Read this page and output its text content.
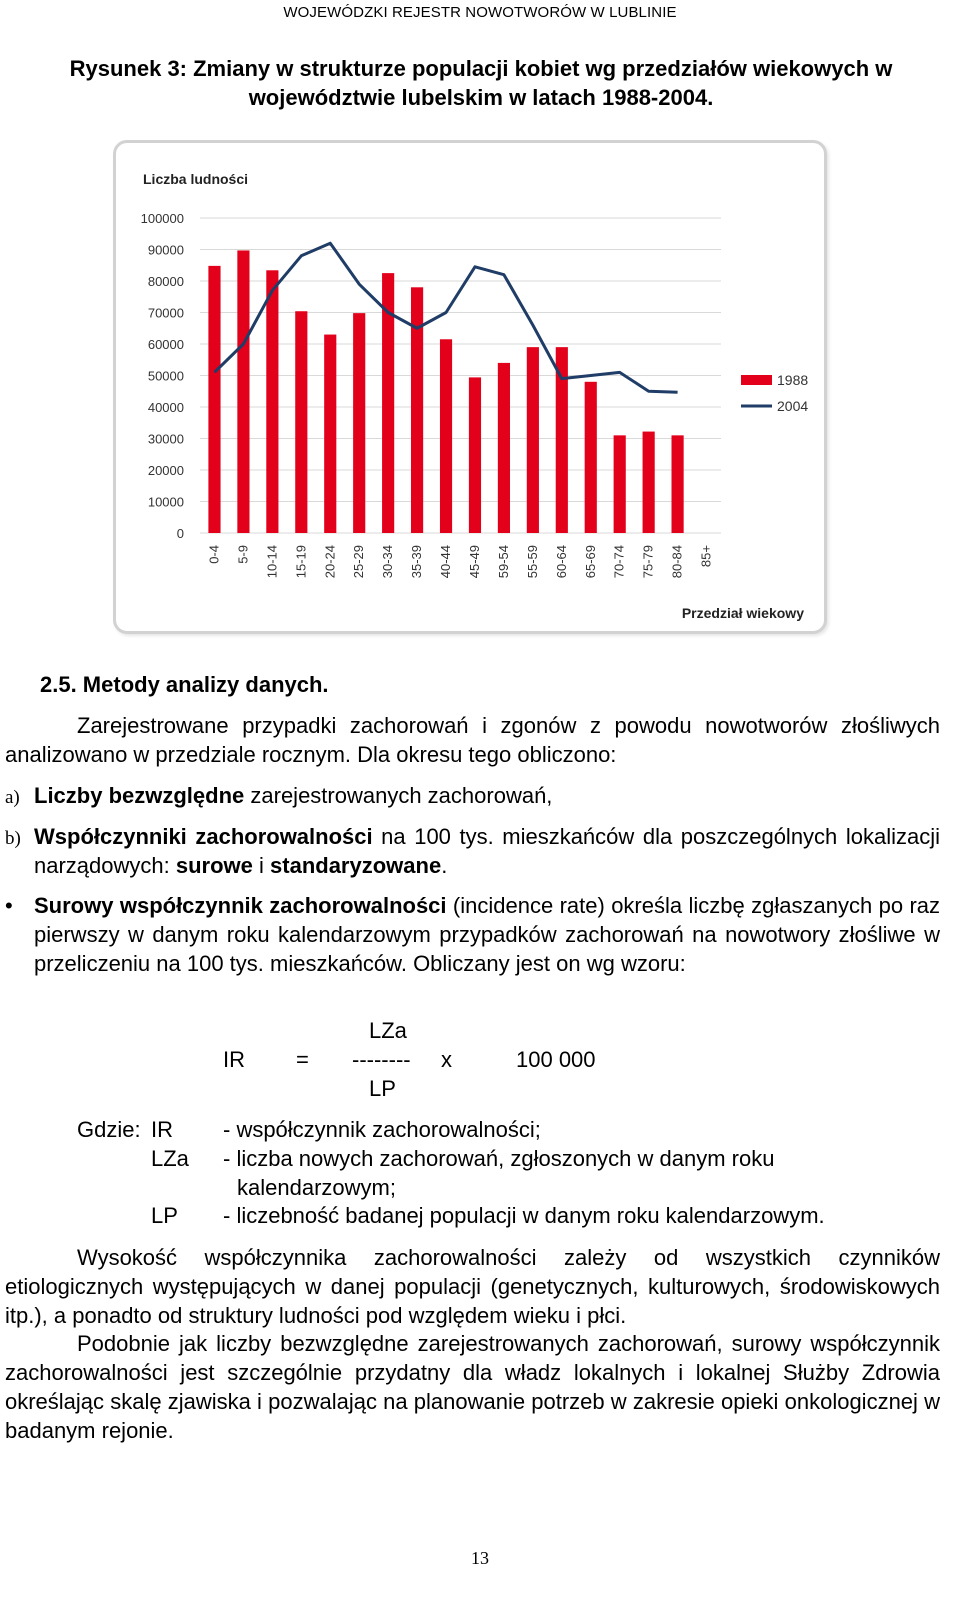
WOJEWÓDZKI REJESTR NOWOTWORÓW W LUBLINIE
Rysunek 3: Zmiany w strukturze populacji kobiet wg przedziałów wiekowych w województwie lubelskim w latach 1988-2004.
0
10000
20000
30000
40000
50000
60000
70000
80000
90000
100000
0-4 5-9 10-14 15-19 20-24 25-29 30-34 35-39 40-44 45-49 59-54 55-59 60-64 65-69 70-74 75-79 80-84 85+
Liczba ludności
Przedział wiekowy
1988
2004
2.5. Metody analizy danych.
Zarejestrowane przypadki zachorowań i zgonów z powodu nowotworów złośliwych analizowano w przedziale rocznym. Dla okresu tego obliczono:
a) Liczby bezwzględne zarejestrowanych zachorowań,
b) Współczynniki zachorowalności na 100 tys. mieszkańców dla poszczególnych lokalizacji narządowych: surowe i standaryzowane.
• Surowy współczynnik zachorowalności (incidence rate) określa liczbę zgłaszanych po raz pierwszy w danym roku kalendarzowym przypadków zachorowań na nowotwory złośliwe w przeliczeniu na 100 tys. mieszkańców. Obliczany jest on wg wzoru:
LZa
IR = -------- x	100 000
LP
Gdzie: IR - współczynnik zachorowalności;
LZa - liczba nowych zachorowań, zgłoszonych w danym roku
kalendarzowym;
LP - liczebność badanej populacji w danym roku kalendarzowym.
Wysokość współczynnika zachorowalności zależy od wszystkich czynników etiologicznych występujących w danej populacji (genetycznych, kulturowych, środowiskowych itp.), a ponadto od struktury ludności pod względem wieku i płci.
Podobnie jak liczby bezwzględne zarejestrowanych zachorowań, surowy współczynnik zachorowalności jest szczególnie przydatny dla władz lokalnych i lokalnej Służby Zdrowia określając skalę zjawiska i pozwalając na planowanie potrzeb w zakresie opieki onkologicznej w badanym rejonie.
13
